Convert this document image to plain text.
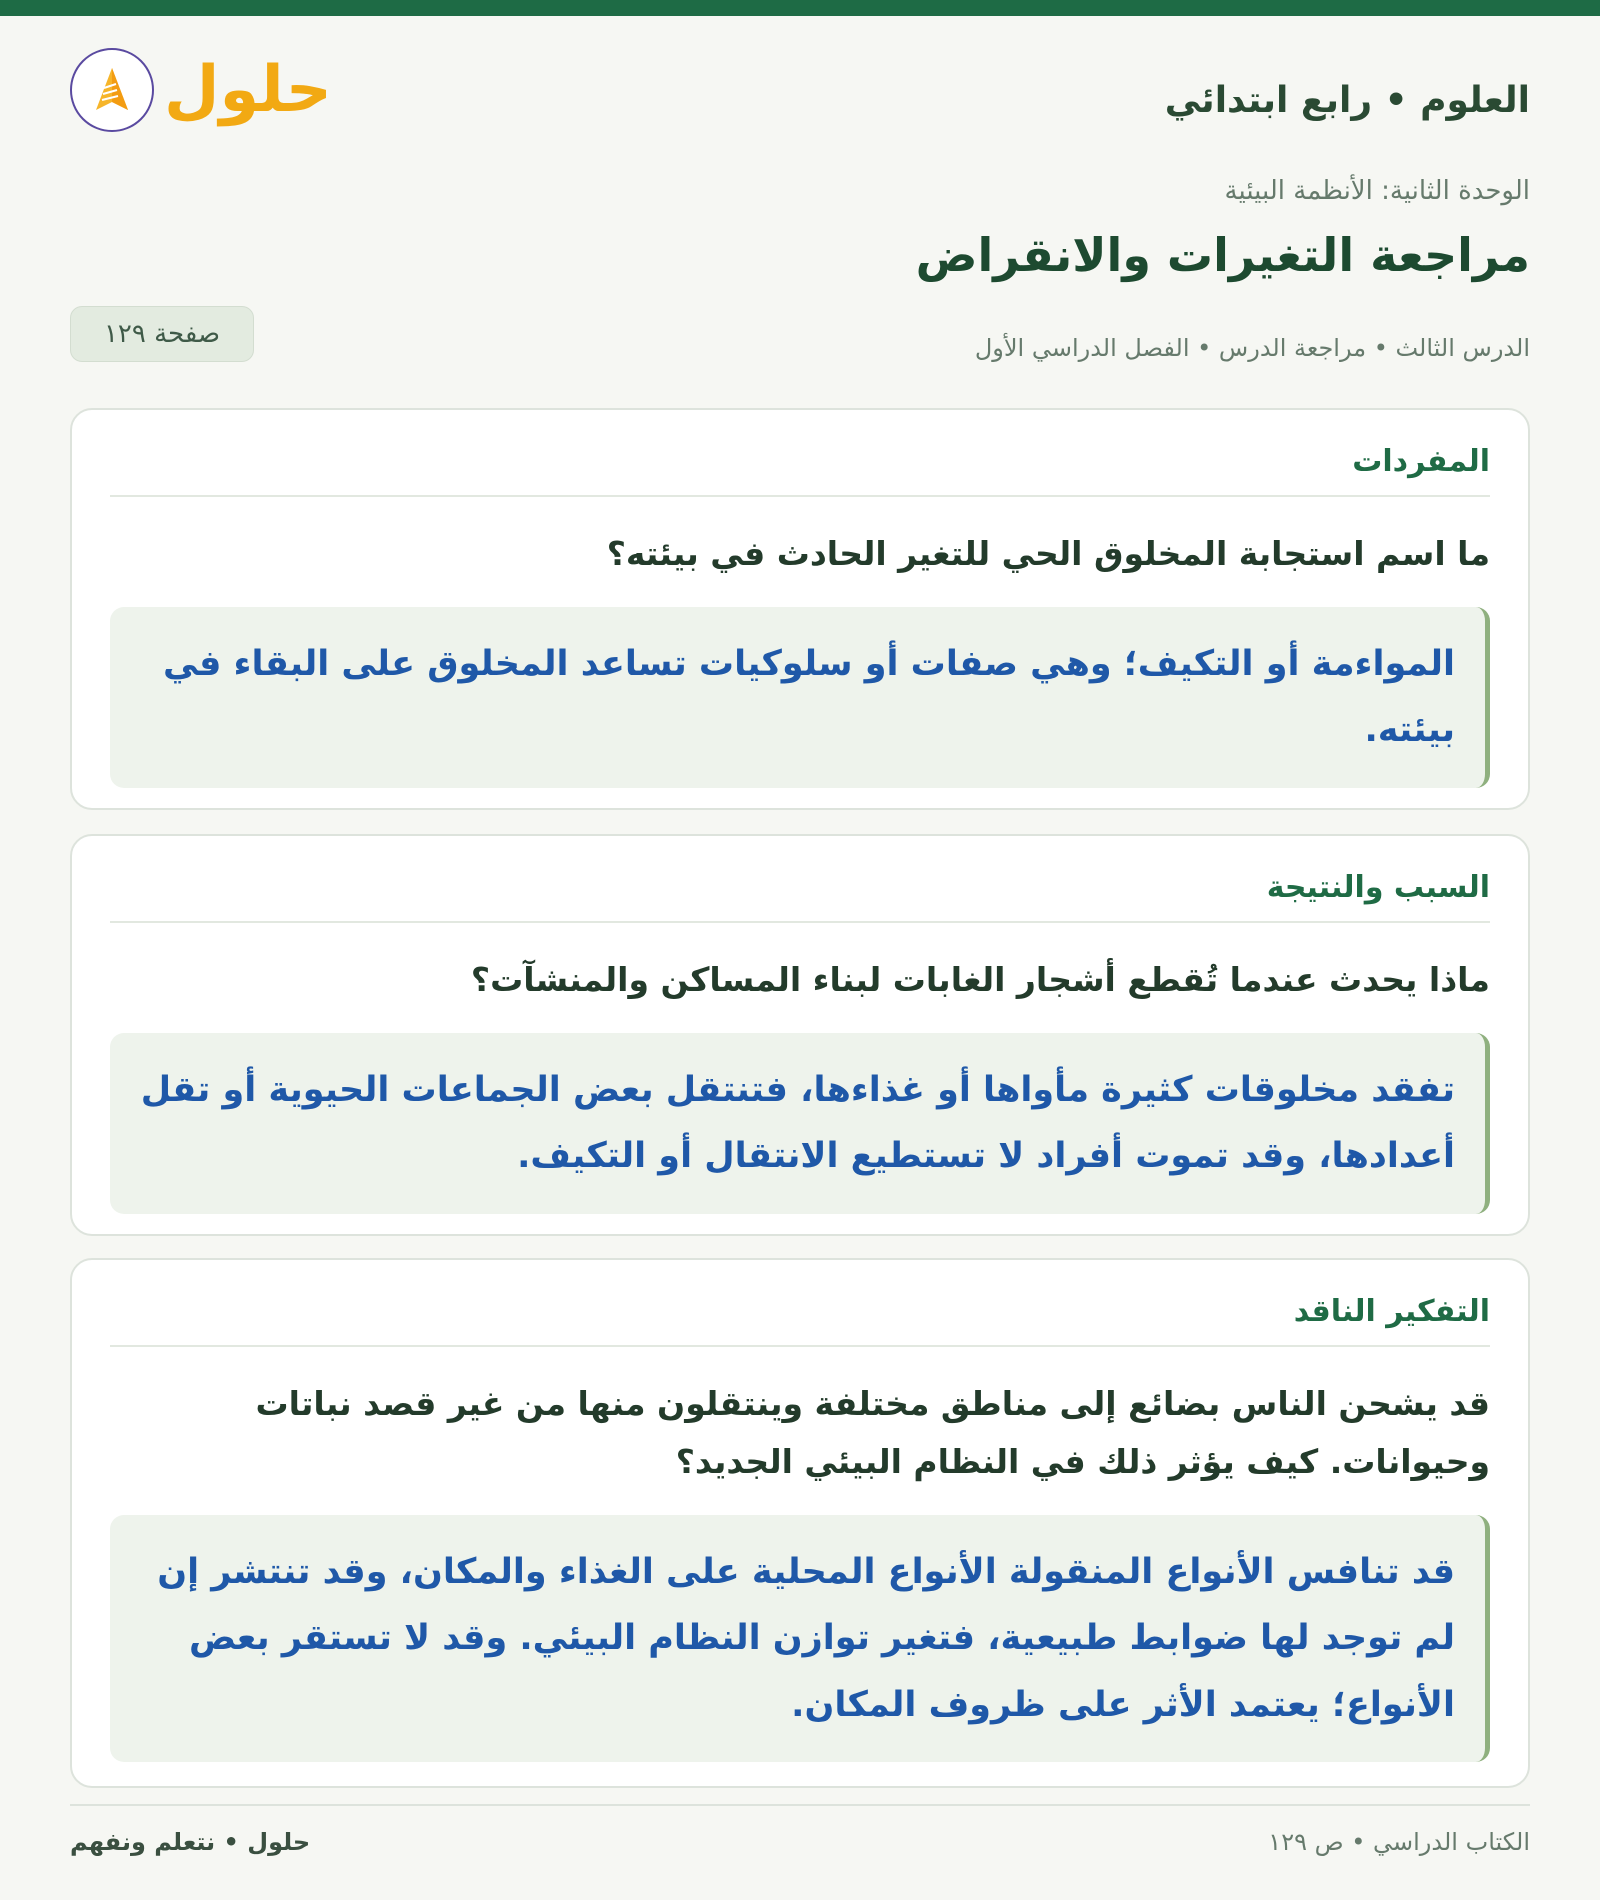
العلوم • رابع ابتدائي
حلول
الوحدة الثانية: الأنظمة البيئية
مراجعة التغيرات والانقراض
الدرس الثالث • مراجعة الدرس • الفصل الدراسي الأول
صفحة ١٢٩
المفردات

ما اسم استجابة المخلوق الحي للتغير الحادث في بيئته؟

المواءمة أو التكيف؛ وهي صفات أو سلوكيات تساعد المخلوق على البقاء في بيئته.
السبب والنتيجة

ماذا يحدث عندما تُقطع أشجار الغابات لبناء المساكن والمنشآت؟

تفقد مخلوقات كثيرة مأواها أو غذاءها، فتنتقل بعض الجماعات الحيوية أو تقل أعدادها، وقد تموت أفراد لا تستطيع الانتقال أو التكيف.
التفكير الناقد

قد يشحن الناس بضائع إلى مناطق مختلفة وينتقلون منها من غير قصد نباتات وحيوانات. كيف يؤثر ذلك في النظام البيئي الجديد؟

قد تنافس الأنواع المنقولة الأنواع المحلية على الغذاء والمكان، وقد تنتشر إن لم توجد لها ضوابط طبيعية، فتغير توازن النظام البيئي. وقد لا تستقر بعض الأنواع؛ يعتمد الأثر على ظروف المكان.
الكتاب الدراسي • ص ١٢٩
حلول • نتعلم ونفهم
